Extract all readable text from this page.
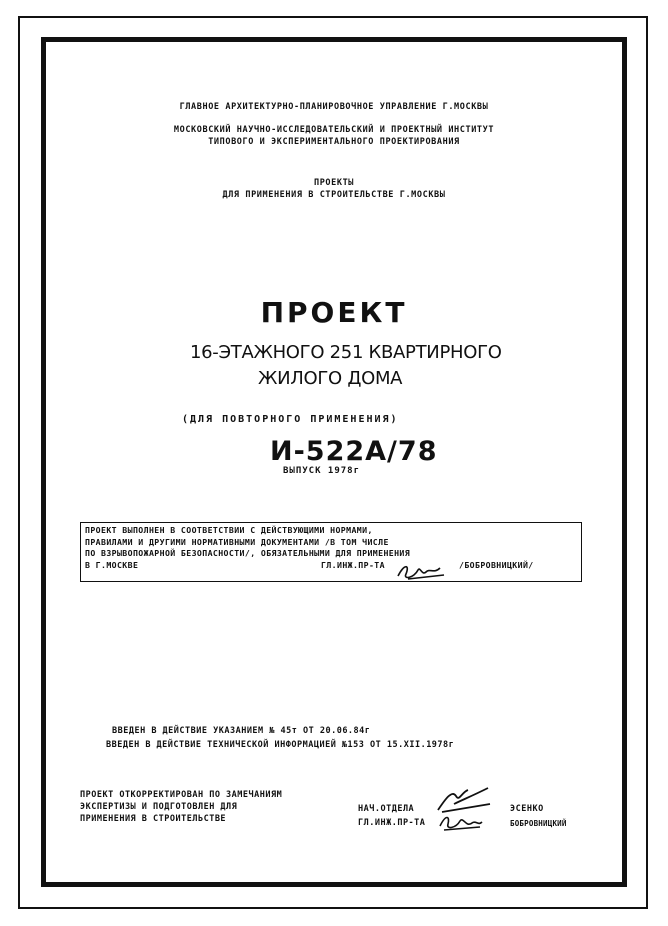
ГЛАВНОЕ АРХИТЕКТУРНО-ПЛАНИРОВОЧНОЕ УПРАВЛЕНИЕ Г.МОСКВЫ
МОСКОВСКИЙ НАУЧНО-ИССЛЕДОВАТЕЛЬСКИЙ И ПРОЕКТНЫЙ ИНСТИТУТ
ТИПОВОГО И ЭКСПЕРИМЕНТАЛЬНОГО ПРОЕКТИРОВАНИЯ
ПРОЕКТЫ
ДЛЯ ПРИМЕНЕНИЯ В СТРОИТЕЛЬСТВЕ Г.МОСКВЫ
ПРОЕКТ
16-ЭТАЖНОГО 251 КВАРТИРНОГО
ЖИЛОГО ДОМА
(ДЛЯ ПОВТОРНОГО ПРИМЕНЕНИЯ)
И-522А/78
ВЫПУСК 1978г
ПРОЕКТ ВЫПОЛНЕН В СООТВЕТСТВИИ С ДЕЙСТВУЮЩИМИ НОРМАМИ,
ПРАВИЛАМИ И ДРУГИМИ НОРМАТИВНЫМИ ДОКУМЕНТАМИ /В ТОМ ЧИСЛЕ
ПО ВЗРЫВОПОЖАРНОЙ БЕЗОПАСНОСТИ/, ОБЯЗАТЕЛЬНЫМИ ДЛЯ ПРИМЕНЕНИЯ
В Г.МОСКВЕ	ГЛ.ИНЖ.ПР-ТА	/БОБРОВНИЦКИЙ/
ВВЕДЕН В ДЕЙСТВИЕ УКАЗАНИЕМ № 45т ОТ 20.06.84г
ВВЕДЕН В ДЕЙСТВИЕ ТЕХНИЧЕСКОЙ ИНФОРМАЦИЕЙ №153 ОТ 15.XII.1978г
ПРОЕКТ ОТКОРРЕКТИРОВАН ПО ЗАМЕЧАНИЯМ
ЭКСПЕРТИЗЫ И ПОДГОТОВЛЕН ДЛЯ
ПРИМЕНЕНИЯ В СТРОИТЕЛЬСТВЕ
НАЧ.ОТДЕЛА
ГЛ.ИНЖ.ПР-ТА
ЭСЕНКО
БОБРОВНИЦКИЙ
